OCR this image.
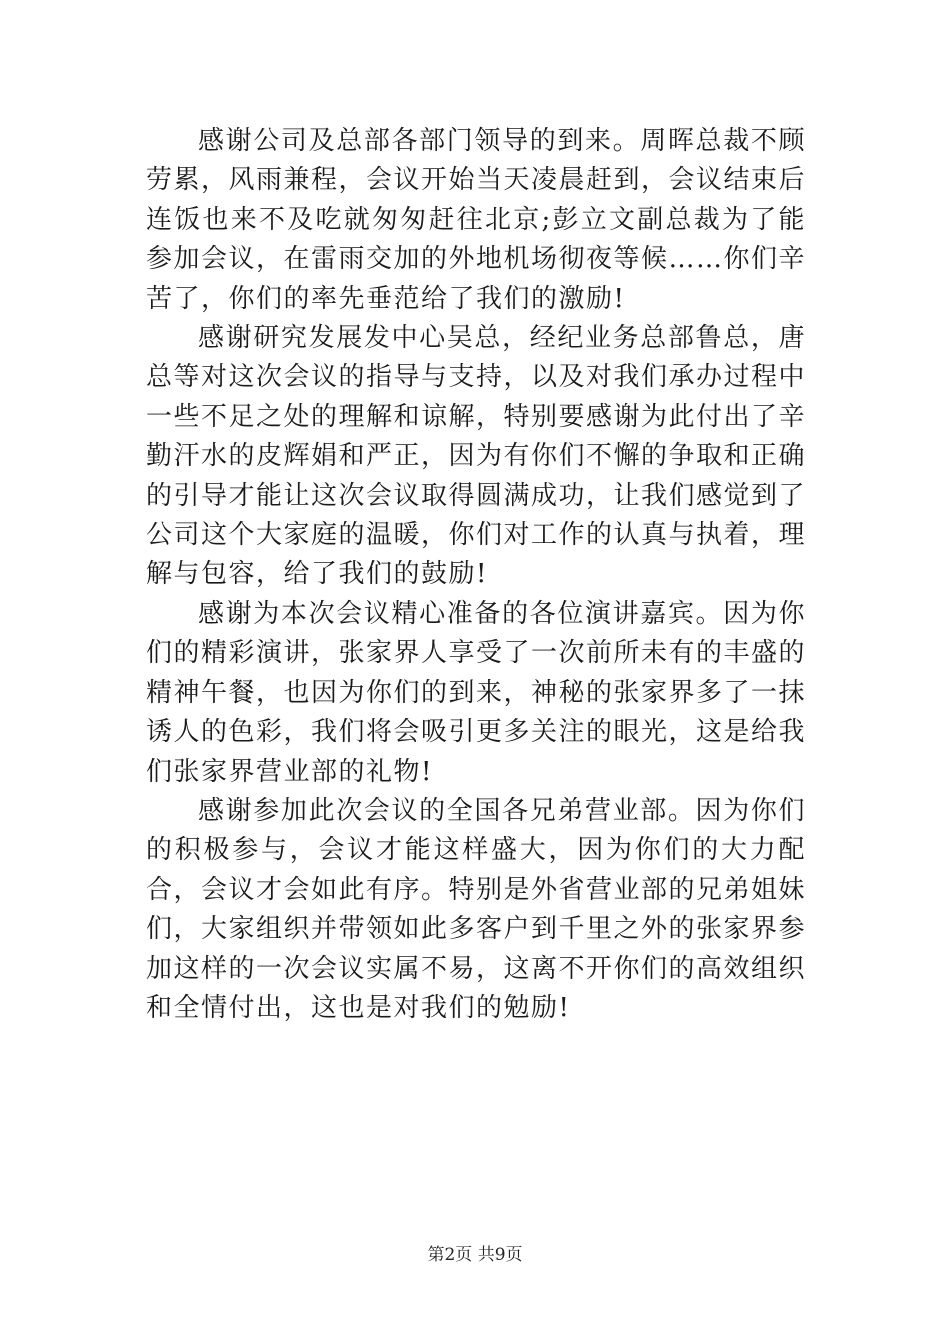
感谢公司及总部各部门领导的到来。周晖总裁不顾劳累，风雨兼程，会议开始当天凌晨赶到，会议结束后连饭也来不及吃就匆匆赶往北京;彭立文副总裁为了能参加会议，在雷雨交加的外地机场彻夜等候……你们辛苦了，你们的率先垂范给了我们的激励!

感谢研究发展发中心吴总，经纪业务总部鲁总，唐总等对这次会议的指导与支持，以及对我们承办过程中一些不足之处的理解和谅解，特别要感谢为此付出了辛勤汗水的皮辉娟和严正，因为有你们不懈的争取和正确的引导才能让这次会议取得圆满成功，让我们感觉到了公司这个大家庭的温暖，你们对工作的认真与执着，理解与包容，给了我们的鼓励!

感谢为本次会议精心准备的各位演讲嘉宾。因为你们的精彩演讲，张家界人享受了一次前所未有的丰盛的精神午餐，也因为你们的到来，神秘的张家界多了一抹诱人的色彩，我们将会吸引更多关注的眼光，这是给我们张家界营业部的礼物!

感谢参加此次会议的全国各兄弟营业部。因为你们的积极参与，会议才能这样盛大，因为你们的大力配合，会议才会如此有序。特别是外省营业部的兄弟姐妹们，大家组织并带领如此多客户到千里之外的张家界参加这样的一次会议实属不易，这离不开你们的高效组织和全情付出，这也是对我们的勉励!

第2页 共9页
